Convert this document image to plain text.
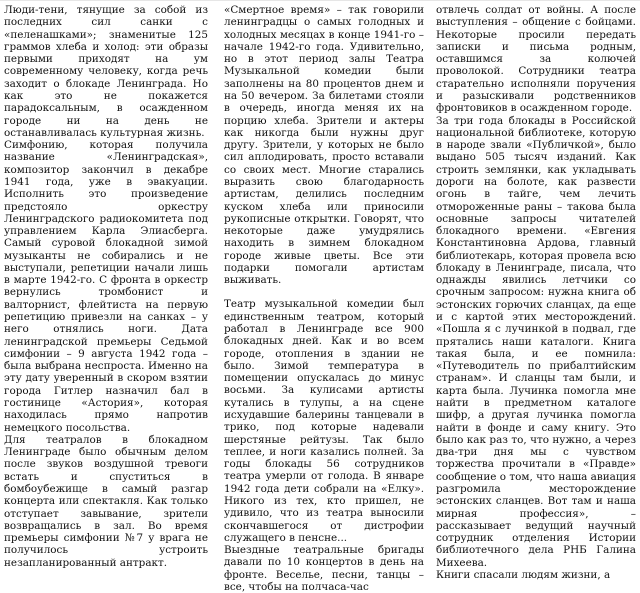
Люди-тени, тянущие за собой из последних сил санки с «пеленашками»; знаменитые 125 граммов хлеба и холод: эти образы первыми приходят на ум современному человеку, когда речь заходит о блокаде Ленинграда. Но как это не покажется парадоксальным, в осажденном городе ни на день не останавливалась культурная жизнь.

Симфонию, которая получила название «Ленинградская», композитор закончил в декабре 1941 года, уже в эвакуации. Исполнить это произведение предстояло оркестру Ленинградского радиокомитета под управлением Карла Элиасберга. Самый суровой блокадной зимой музыканты не собирались и не выступали, репетиции начали лишь в марте 1942-го. С фронта в оркестр вернулись тромбонист и валторнист, флейтиста на первую репетицию привезли на санках – у него отнялись ноги. Дата ленинградской премьеры Седьмой симфонии – 9 августа 1942 года – была выбрана неспроста. Именно на эту дату уверенный в скором взятии города Гитлер назначил бал в гостинице «Астория», которая находилась прямо напротив немецкого посольства.

Для театралов в блокадном Ленинграде было обычным делом после звуков воздушной тревоги встать и спуститься в бомбоубежище в самый разгар концерта или спектакля. Как только отступает завывание, зрители возвращались в зал. Во время премьеры симфонии №7 у врага не получилось устроить незапланированный антракт.

«Смертное время» – так говорили ленинградцы о самых голодных и холодных месяцах в конце 1941-го – начале 1942-го года. Удивительно, но в этот период залы Театра Музыкальной комедии были заполнены на 80 процентов днем и на 50 вечером. За билетами стояли в очередь, иногда меняя их на порцию хлеба. Зрители и актеры как никогда были нужны друг другу. Зрители, у которых не было сил аплодировать, просто вставали со своих мест. Многие старались выразить свою благодарность артистам, делились последним куском хлеба или приносили рукописные открытки. Говорят, что некоторые даже умудрялись находить в зимнем блокадном городе живые цветы. Все эти подарки помогали артистам выживать.

Театр музыкальной комедии был единственным театром, который работал в Ленинграде все 900 блокадных дней. Как и во всем городе, отопления в здании не было. Зимой температура в помещении опускалась до минус восьми. За кулисами артисты кутались в тулупы, а на сцене исхудавшие балерины танцевали в трико, под которые надевали шерстяные рейтузы. Так было теплее, и ноги казались полней. За годы блокады 56 сотрудников театра умерли от голода. В январе 1942 года дети собрали на «Елку». Никого из тех, кто пришел, не удивило, что из театра выносили скончавшегося от дистрофии служащего в пенсне...

Выездные театральные бригады давали по 10 концертов в день на фронте. Веселье, песни, танцы – все, чтобы на полчаса-час

отвлечь солдат от войны. А после выступления – общение с бойцами. Некоторые просили передать записки и письма родным, оставшимся за колючей проволокой. Сотрудники театра старательно исполняли поручения и разыскивали родственников фронтовиков в осажденном городе.

За три года блокады в Российской национальной библиотеке, которую в народе звали «Публичкой», было выдано 505 тысяч изданий. Как строить землянки, как укладывать дороги на болоте, как развести огонь в тайге, чем лечить отмороженные раны – такова была основные запросы читателей блокадного времени. «Евгения Константиновна Ардова, главный библиотекарь, которая провела всю блокаду в Ленинграде, писала, что однажды явились летчики со срочным запросом: нужна книга об эстонских горючих сланцах, да еще и с картой этих месторождений. «Пошла я с лучинкой в подвал, где прятались наши каталоги. Книга такая была, и ее помнила: «Путеводитель по прибалтийским странам». И сланцы там были, и карта была. Лучинка помогла мне найти в предметном каталоге шифр, а другая лучинка помогла найти в фонде и саму книгу. Это было как раз то, что нужно, а через два-три дня мы с чувством торжества прочитали в «Правде» сообщение о том, что наша авиация разгромила месторождение эстонских сланцев. Вот там и наша мирная профессия», – рассказывает ведущий научный сотрудник отделения Истории библиотечного дела РНБ Галина Михеева.

Книги спасали людям жизни, а
